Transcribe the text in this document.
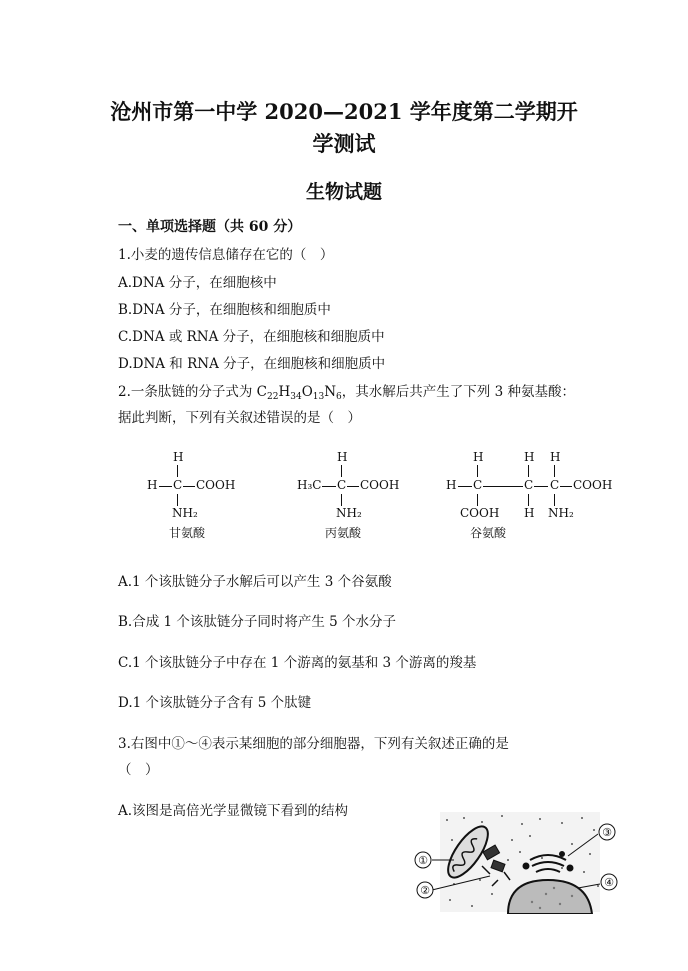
沧州市第一中学 2020—2021 学年度第二学期开
学测试
生物试题
一、单项选择题（共 60 分）
1.小麦的遗传信息储存在它的（　）
A.DNA 分子，在细胞核中
B.DNA 分子，在细胞核和细胞质中
C.DNA 或 RNA 分子，在细胞核和细胞质中
D.DNA 和 RNA 分子，在细胞核和细胞质中
2.一条肽链的分子式为 $C_{22}H_{34}O_{13}N_6$，其水解后共产生了下列 3 种氨基酸：
据此判断，下列有关叙述错误的是（　）
H
H C COOH
NH₂
甘氨酸
H
H₃C C COOH
NH₂
丙氨酸
H	H H
H C	C C COOH
COOH H NH₂
谷氨酸
A.1 个该肽链分子水解后可以产生 3 个谷氨酸
B.合成 1 个该肽链分子同时将产生 5 个水分子
C.1 个该肽链分子中存在 1 个游离的氨基和 3 个游离的羧基
D.1 个该肽链分子含有 5 个肽键
3.右图中①～④表示某细胞的部分细胞器，下列有关叙述正确的是
（　）
A.该图是高倍光学显微镜下看到的结构
①
②
③
④
